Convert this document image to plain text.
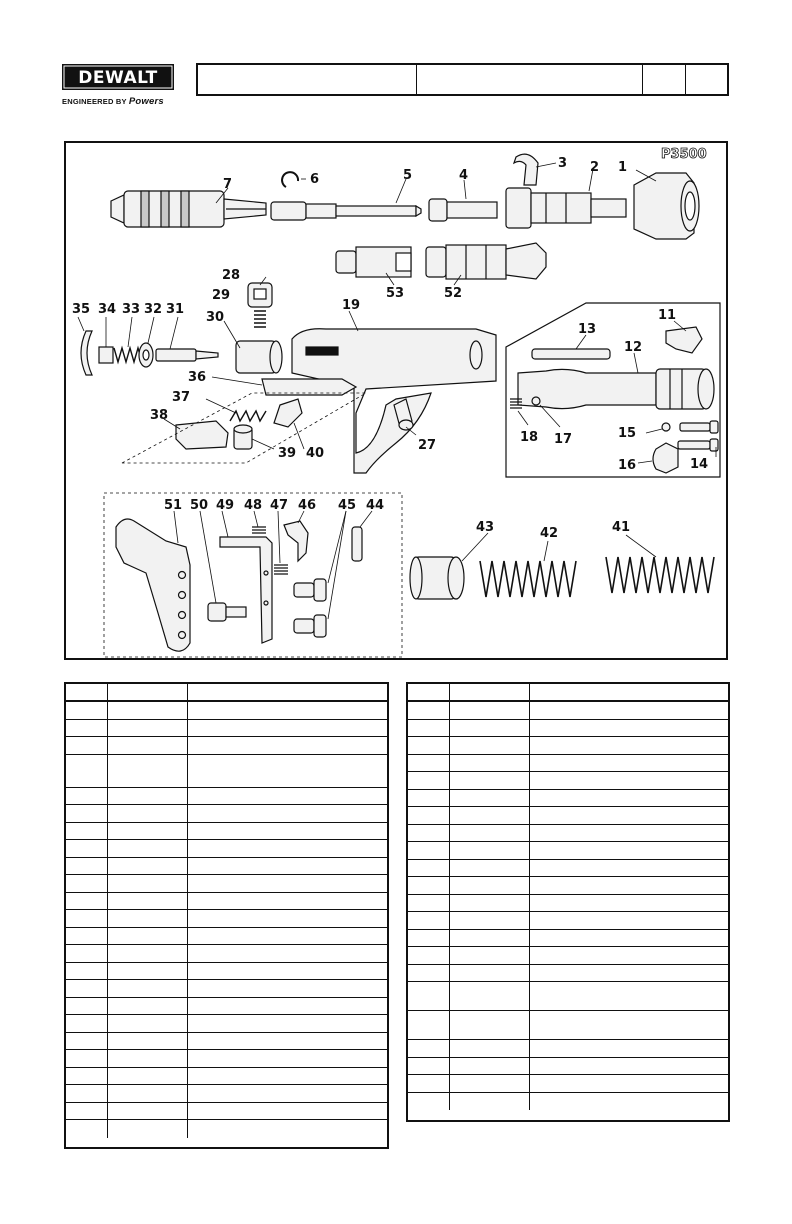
DEWALT
ENGINEERED BY Powers
P3500
1
2
3
4
5
6
7
11
12
13
14
15
16
17
18
19
27
28
29
30
31
32
33
34
35
36
37
38
39 40
41
42
43
44
45
46
47
48
49
50
51
52
53
